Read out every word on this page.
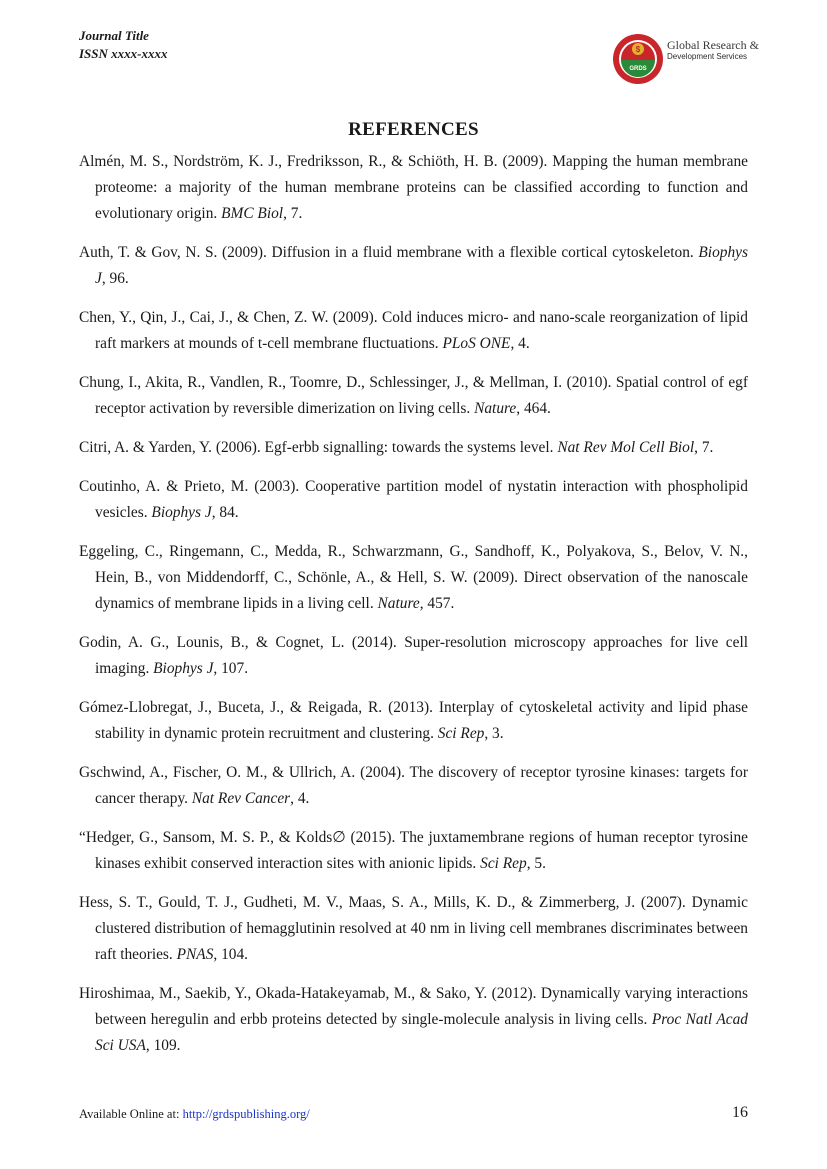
Journal Title
ISSN xxxx-xxxx	$
GRDS
Global Research &
Development Services
REFERENCES
Almén, M. S., Nordström, K. J., Fredriksson, R., & Schiöth, H. B. (2009). Mapping the human membrane proteome: a majority of the human membrane proteins can be classified according to function and evolutionary origin. BMC Biol, 7.
Auth, T. & Gov, N. S. (2009). Diffusion in a fluid membrane with a flexible cortical cytoskeleton. Biophys J, 96.
Chen, Y., Qin, J., Cai, J., & Chen, Z. W. (2009). Cold induces micro- and nano-scale reorganization of lipid raft markers at mounds of t-cell membrane fluctuations. PLoS ONE, 4.
Chung, I., Akita, R., Vandlen, R., Toomre, D., Schlessinger, J., & Mellman, I. (2010). Spatial control of egf receptor activation by reversible dimerization on living cells. Nature, 464.
Citri, A. & Yarden, Y. (2006). Egf-erbb signalling: towards the systems level. Nat Rev Mol Cell Biol, 7.
Coutinho, A. & Prieto, M. (2003). Cooperative partition model of nystatin interaction with phospholipid vesicles. Biophys J, 84.
Eggeling, C., Ringemann, C., Medda, R., Schwarzmann, G., Sandhoff, K., Polyakova, S., Belov, V. N., Hein, B., von Middendorff, C., Schönle, A., & Hell, S. W. (2009). Direct observation of the nanoscale dynamics of membrane lipids in a living cell. Nature, 457.
Godin, A. G., Lounis, B., & Cognet, L. (2014). Super-resolution microscopy approaches for live cell imaging. Biophys J, 107.
Gómez-Llobregat, J., Buceta, J., & Reigada, R. (2013). Interplay of cytoskeletal activity and lipid phase stability in dynamic protein recruitment and clustering. Sci Rep, 3.
Gschwind, A., Fischer, O. M., & Ullrich, A. (2004). The discovery of receptor tyrosine kinases: targets for cancer therapy. Nat Rev Cancer, 4.
“Hedger, G., Sansom, M. S. P., & Kolds∅ (2015). The juxtamembrane regions of human receptor tyrosine kinases exhibit conserved interaction sites with anionic lipids. Sci Rep, 5.
Hess, S. T., Gould, T. J., Gudheti, M. V., Maas, S. A., Mills, K. D., & Zimmerberg, J. (2007). Dynamic clustered distribution of hemagglutinin resolved at 40 nm in living cell membranes discriminates between raft theories. PNAS, 104.
Hiroshimaa, M., Saekib, Y., Okada-Hatakeyamab, M., & Sako, Y. (2012). Dynamically varying interactions between heregulin and erbb proteins detected by single-molecule analysis in living cells. Proc Natl Acad Sci USA, 109.
Available Online at: http://grdspublishing.org/	16
